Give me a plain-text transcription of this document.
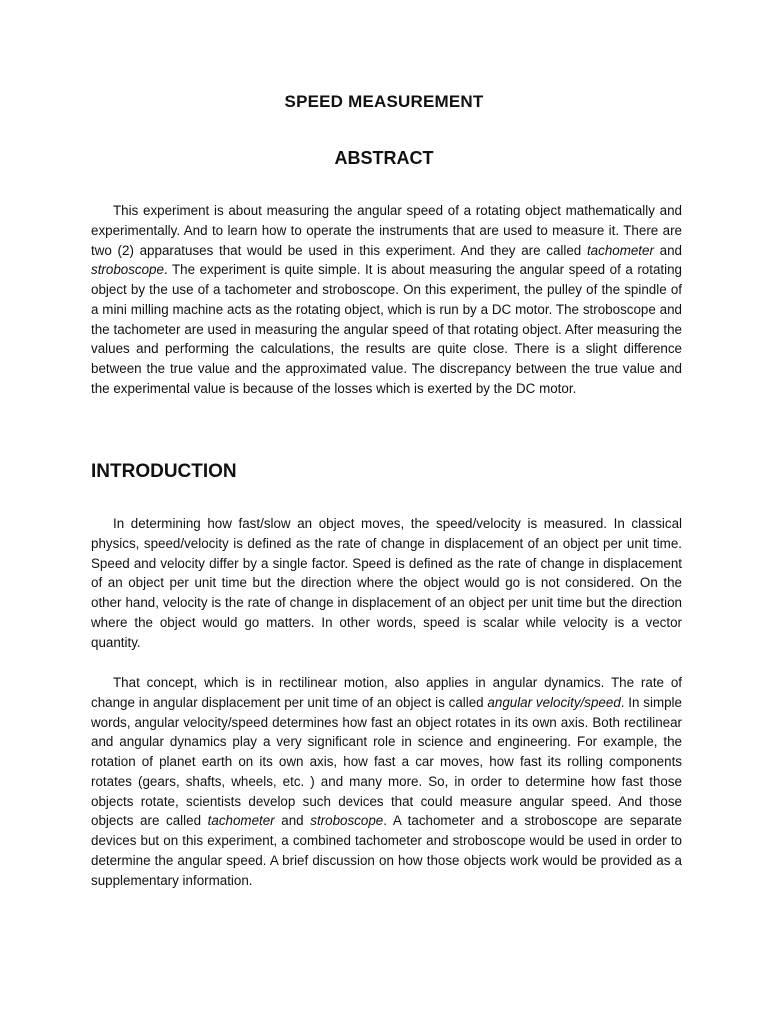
SPEED MEASUREMENT
ABSTRACT

This experiment is about measuring the angular speed of a rotating object mathematically and experimentally. And to learn how to operate the instruments that are used to measure it. There are two (2) apparatuses that would be used in this experiment. And they are called tachometer and stroboscope. The experiment is quite simple. It is about measuring the angular speed of a rotating object by the use of a tachometer and stroboscope. On this experiment, the pulley of the spindle of a mini milling machine acts as the rotating object, which is run by a DC motor. The stroboscope and the tachometer are used in measuring the angular speed of that rotating object. After measuring the values and performing the calculations, the results are quite close. There is a slight difference between the true value and the approximated value. The discrepancy between the true value and the experimental value is because of the losses which is exerted by the DC motor.

INTRODUCTION

In determining how fast/slow an object moves, the speed/velocity is measured. In classical physics, speed/velocity is defined as the rate of change in displacement of an object per unit time. Speed and velocity differ by a single factor. Speed is defined as the rate of change in displacement of an object per unit time but the direction where the object would go is not considered. On the other hand, velocity is the rate of change in displacement of an object per unit time but the direction where the object would go matters. In other words, speed is scalar while velocity is a vector quantity.

That concept, which is in rectilinear motion, also applies in angular dynamics. The rate of change in angular displacement per unit time of an object is called angular velocity/speed. In simple words, angular velocity/speed determines how fast an object rotates in its own axis. Both rectilinear and angular dynamics play a very significant role in science and engineering. For example, the rotation of planet earth on its own axis, how fast a car moves, how fast its rolling components rotates (gears, shafts, wheels, etc. ) and many more. So, in order to determine how fast those objects rotate, scientists develop such devices that could measure angular speed. And those objects are called tachometer and stroboscope. A tachometer and a stroboscope are separate devices but on this experiment, a combined tachometer and stroboscope would be used in order to determine the angular speed. A brief discussion on how those objects work would be provided as a supplementary information.
